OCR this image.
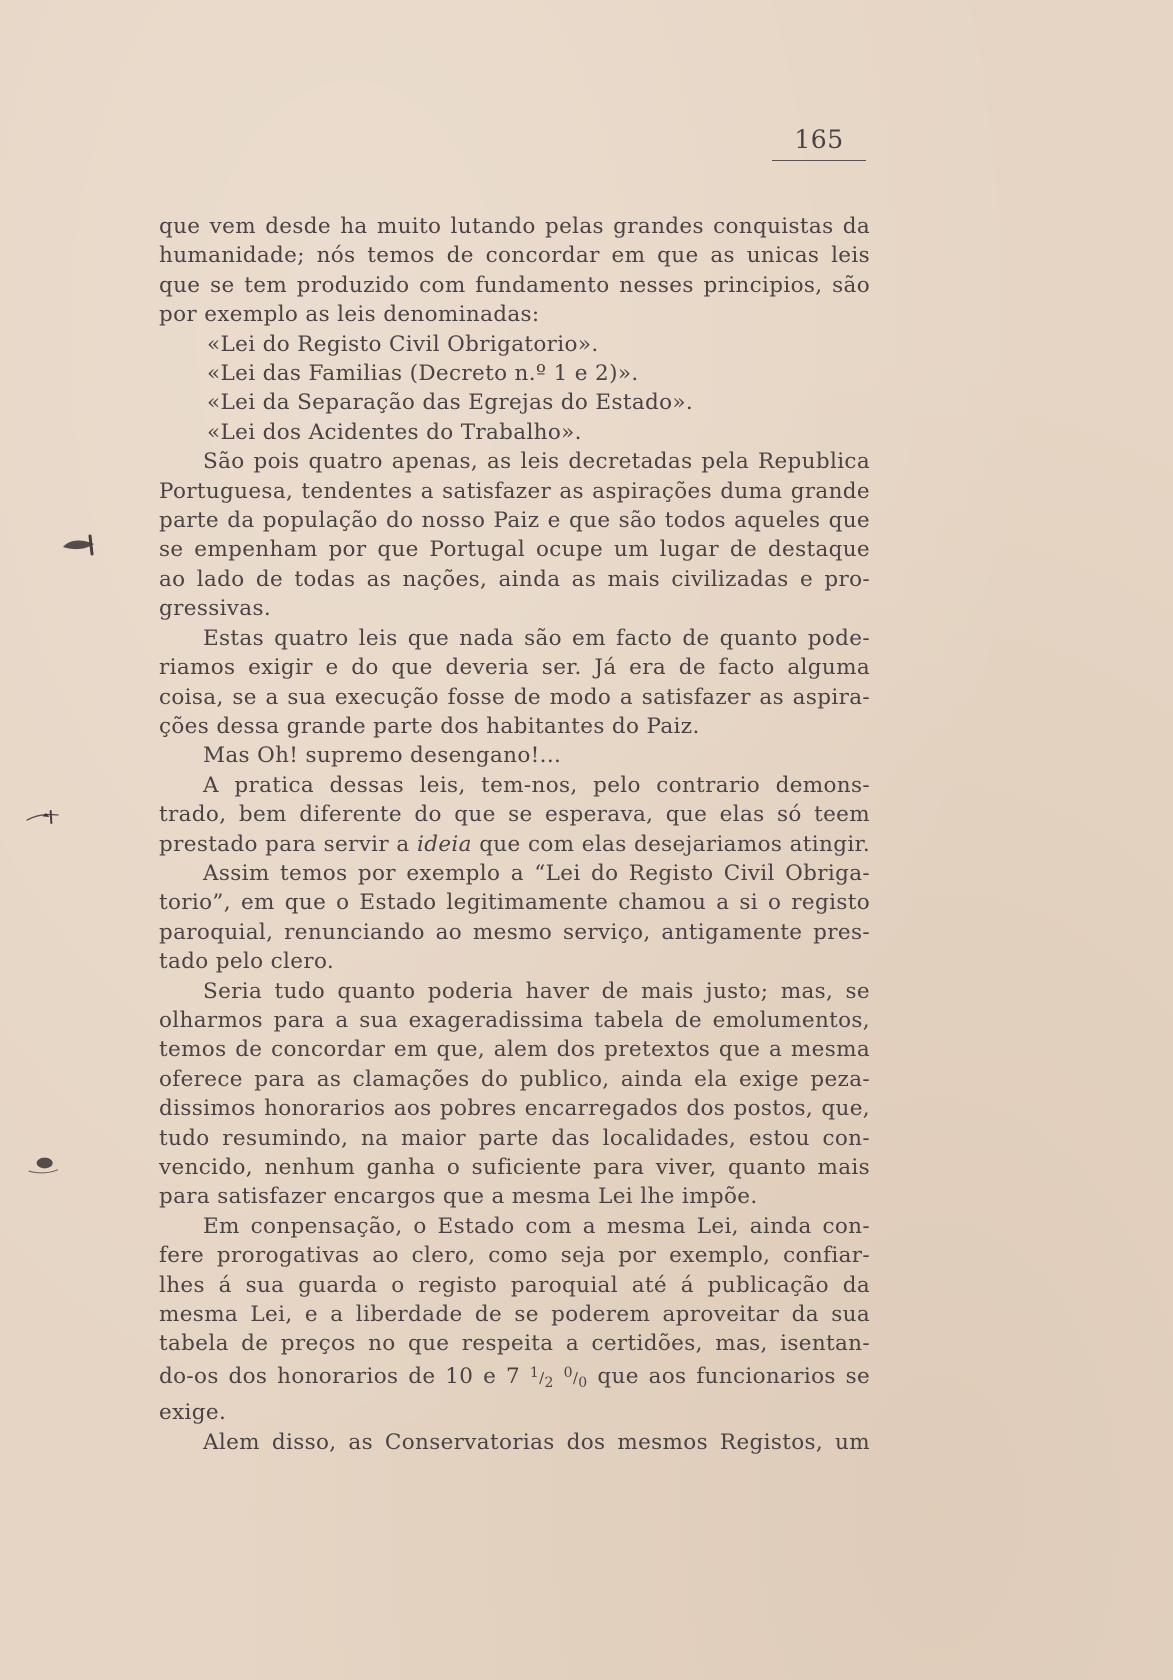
165
que vem desde ha muito lutando pelas grandes conquistas da
humanidade; nós temos de concordar em que as unicas leis
que se tem produzido com fundamento nesses principios, são
por exemplo as leis denominadas:
«Lei do Registo Civil Obrigatorio».
«Lei das Familias (Decreto n.º 1 e 2)».
«Lei da Separação das Egrejas do Estado».
«Lei dos Acidentes do Trabalho».
São pois quatro apenas, as leis decretadas pela Republica
Portuguesa, tendentes a satisfazer as aspirações duma grande
parte da população do nosso Paiz e que são todos aqueles que
se empenham por que Portugal ocupe um lugar de destaque
ao lado de todas as nações, ainda as mais civilizadas e pro-
gressivas.
Estas quatro leis que nada são em facto de quanto pode-
riamos exigir e do que deveria ser. Já era de facto alguma
coisa, se a sua execução fosse de modo a satisfazer as aspira-
ções dessa grande parte dos habitantes do Paiz.
Mas Oh! supremo desengano!...
A pratica dessas leis, tem-nos, pelo contrario demons-
trado, bem diferente do que se esperava, que elas só teem
prestado para servir a ideia que com elas desejariamos atingir.
Assim temos por exemplo a “Lei do Registo Civil Obriga-
torio”, em que o Estado legitimamente chamou a si o registo
paroquial, renunciando ao mesmo serviço, antigamente pres-
tado pelo clero.
Seria tudo quanto poderia haver de mais justo; mas, se
olharmos para a sua exageradissima tabela de emolumentos,
temos de concordar em que, alem dos pretextos que a mesma
oferece para as clamações do publico, ainda ela exige peza-
dissimos honorarios aos pobres encarregados dos postos, que,
tudo resumindo, na maior parte das localidades, estou con-
vencido, nenhum ganha o suficiente para viver, quanto mais
para satisfazer encargos que a mesma Lei lhe impõe.
Em conpensação, o Estado com a mesma Lei, ainda con-
fere prorogativas ao clero, como seja por exemplo, confiar-
lhes á sua guarda o registo paroquial até á publicação da
mesma Lei, e a liberdade de se poderem aproveitar da sua
tabela de preços no que respeita a certidões, mas, isentan-
do-os dos honorarios de 10 e 7 $^1/_2$ $^0/_0$ que aos funcionarios se
exige.
Alem disso, as Conservatorias dos mesmos Registos, um
